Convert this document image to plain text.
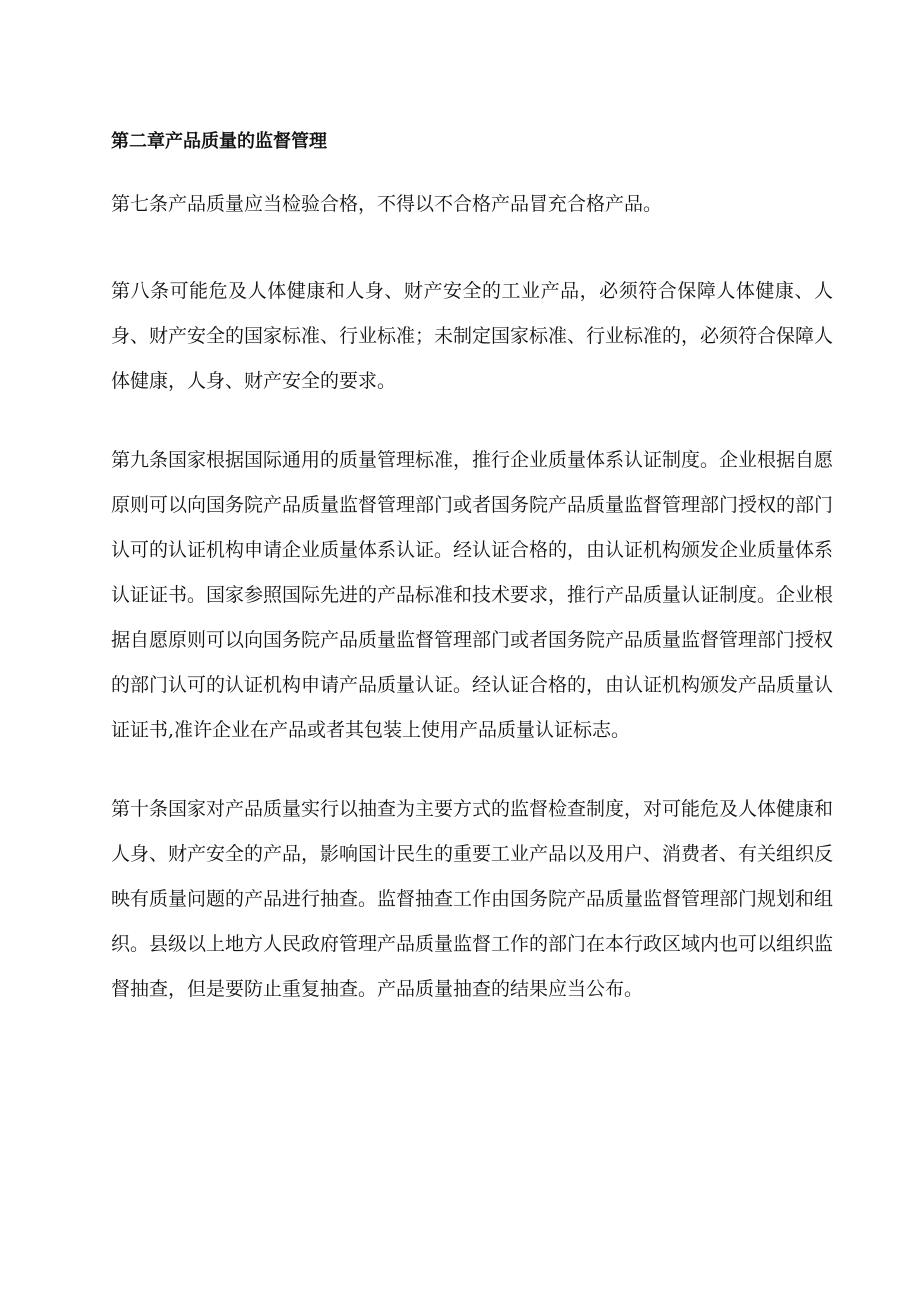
第二章产品质量的监督管理

第七条产品质量应当检验合格，不得以不合格产品冒充合格产品。

第八条可能危及人体健康和人身、财产安全的工业产品，必须符合保障人体健康、人身、财产安全的国家标准、行业标准；未制定国家标准、行业标准的，必须符合保障人体健康，人身、财产安全的要求。

第九条国家根据国际通用的质量管理标准，推行企业质量体系认证制度。企业根据自愿原则可以向国务院产品质量监督管理部门或者国务院产品质量监督管理部门授权的部门认可的认证机构申请企业质量体系认证。经认证合格的，由认证机构颁发企业质量体系认证证书。国家参照国际先进的产品标准和技术要求，推行产品质量认证制度。企业根据自愿原则可以向国务院产品质量监督管理部门或者国务院产品质量监督管理部门授权的部门认可的认证机构申请产品质量认证。经认证合格的，由认证机构颁发产品质量认证证书,准许企业在产品或者其包装上使用产品质量认证标志。

第十条国家对产品质量实行以抽查为主要方式的监督检查制度，对可能危及人体健康和人身、财产安全的产品，影响国计民生的重要工业产品以及用户、消费者、有关组织反映有质量问题的产品进行抽查。监督抽查工作由国务院产品质量监督管理部门规划和组织。县级以上地方人民政府管理产品质量监督工作的部门在本行政区域内也可以组织监督抽查，但是要防止重复抽查。产品质量抽查的结果应当公布。
